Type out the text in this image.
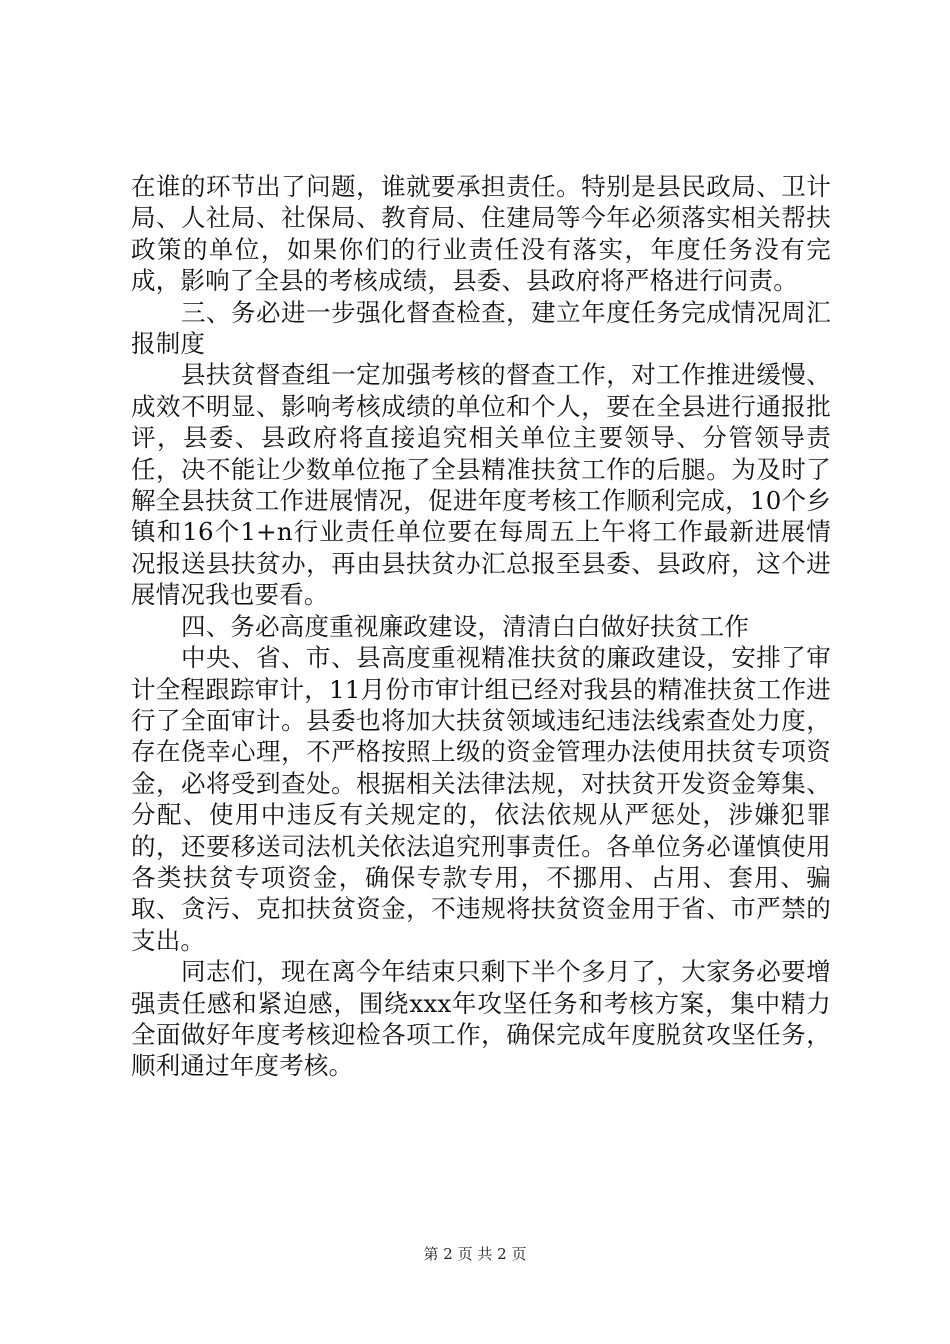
在谁的环节出了问题，谁就要承担责任。特别是县民政局、卫计局、人社局、社保局、教育局、住建局等今年必须落实相关帮扶政策的单位，如果你们的行业责任没有落实，年度任务没有完成，影响了全县的考核成绩，县委、县政府将严格进行问责。

三、务必进一步强化督查检查，建立年度任务完成情况周汇报制度

县扶贫督查组一定加强考核的督查工作，对工作推进缓慢、成效不明显、影响考核成绩的单位和个人，要在全县进行通报批评，县委、县政府将直接追究相关单位主要领导、分管领导责任，决不能让少数单位拖了全县精准扶贫工作的后腿。为及时了解全县扶贫工作进展情况，促进年度考核工作顺利完成，10个乡镇和16个1+n行业责任单位要在每周五上午将工作最新进展情况报送县扶贫办，再由县扶贫办汇总报至县委、县政府，这个进展情况我也要看。

四、务必高度重视廉政建设，清清白白做好扶贫工作

中央、省、市、县高度重视精准扶贫的廉政建设，安排了审计全程跟踪审计，11月份市审计组已经对我县的精准扶贫工作进行了全面审计。县委也将加大扶贫领域违纪违法线索查处力度，存在侥幸心理，不严格按照上级的资金管理办法使用扶贫专项资金，必将受到查处。根据相关法律法规，对扶贫开发资金筹集、分配、使用中违反有关规定的，依法依规从严惩处，涉嫌犯罪的，还要移送司法机关依法追究刑事责任。各单位务必谨慎使用各类扶贫专项资金，确保专款专用，不挪用、占用、套用、骗取、贪污、克扣扶贫资金，不违规将扶贫资金用于省、市严禁的支出。

同志们，现在离今年结束只剩下半个多月了，大家务必要增强责任感和紧迫感，围绕xxx年攻坚任务和考核方案，集中精力全面做好年度考核迎检各项工作，确保完成年度脱贫攻坚任务，顺利通过年度考核。

第 2 页 共 2 页
